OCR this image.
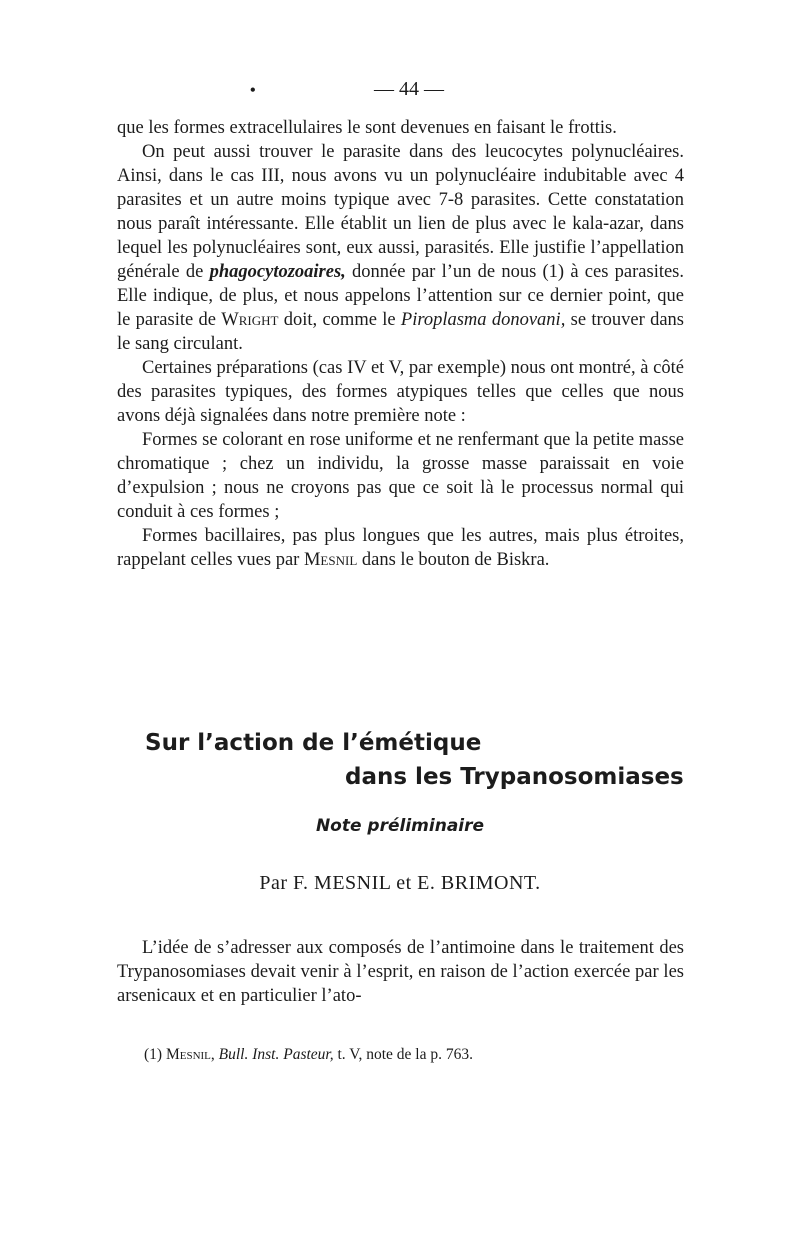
•	— 44 —

que les formes extracellulaires le sont devenues en faisant le frottis.

On peut aussi trouver le parasite dans des leucocytes polynucléaires. Ainsi, dans le cas III, nous avons vu un polynucléaire indubitable avec 4 parasites et un autre moins typique avec 7-8 parasites. Cette constatation nous paraît intéressante. Elle établit un lien de plus avec le kala-azar, dans lequel les polynucléaires sont, eux aussi, parasités. Elle justifie l’appellation générale de phagocytozoaires, donnée par l’un de nous (1) à ces parasites. Elle indique, de plus, et nous appelons l’attention sur ce dernier point, que le parasite de Wright doit, comme le Piroplasma donovani, se trouver dans le sang circulant.

Certaines préparations (cas IV et V, par exemple) nous ont montré, à côté des parasites typiques, des formes atypiques telles que celles que nous avons déjà signalées dans notre première note :

Formes se colorant en rose uniforme et ne renfermant que la petite masse chromatique ; chez un individu, la grosse masse paraissait en voie d’expulsion ; nous ne croyons pas que ce soit là le processus normal qui conduit à ces formes ;

Formes bacillaires, pas plus longues que les autres, mais plus étroites, rappelant celles vues par Mesnil dans le bouton de Biskra.

Sur l’action de l’émétique
dans les Trypanosomiases
Note préliminaire
Par F. MESNIL et E. BRIMONT.

L’idée de s’adresser aux composés de l’antimoine dans le traitement des Trypanosomiases devait venir à l’esprit, en raison de l’action exercée par les arsenicaux et en particulier l’ato-

(1) Mesnil, Bull. Inst. Pasteur, t. V, note de la p. 763.
